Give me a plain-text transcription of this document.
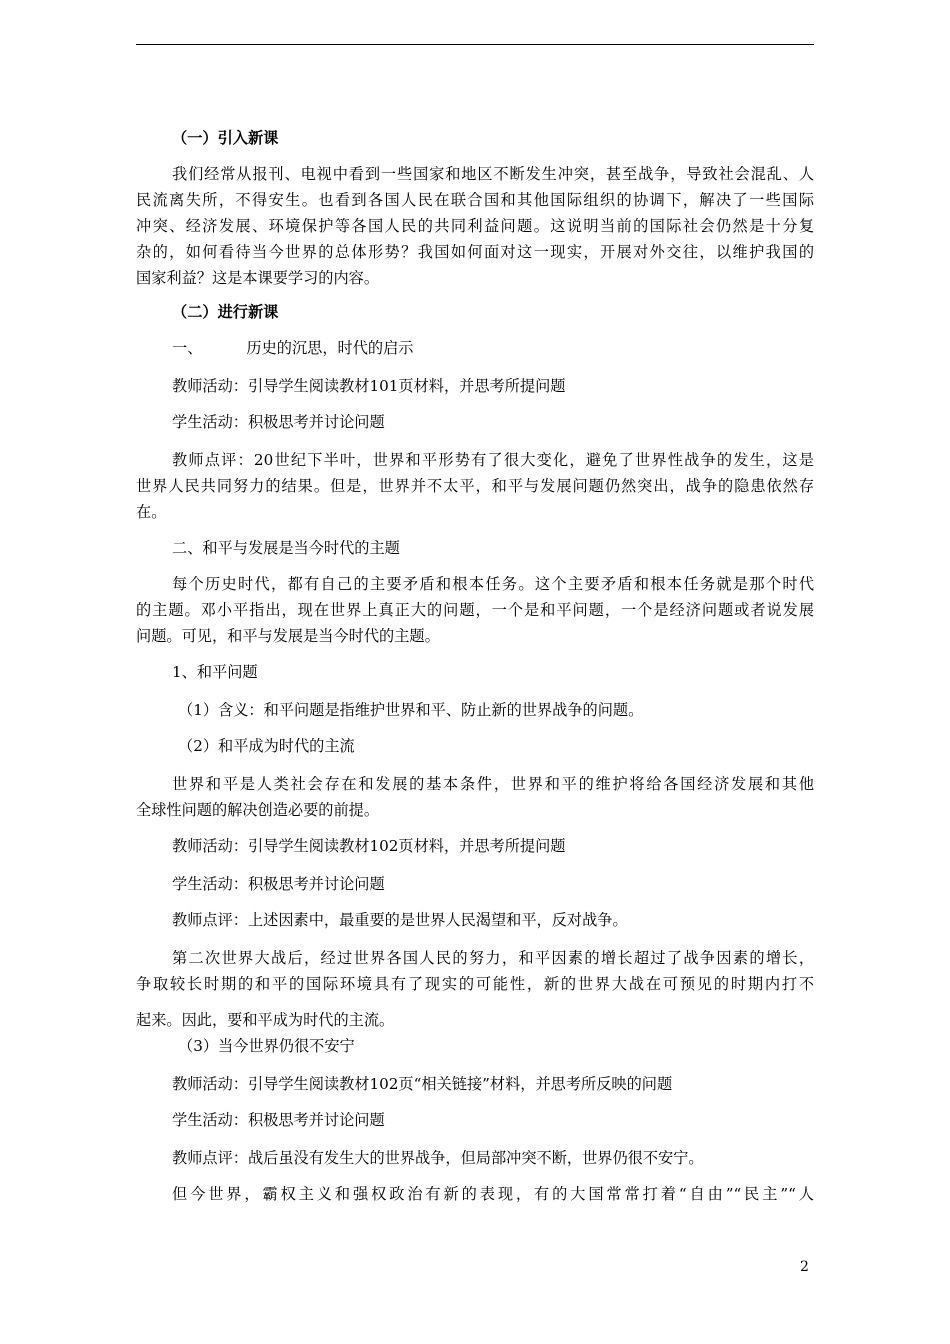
（一）引入新课
我们经常从报刊、电视中看到一些国家和地区不断发生冲突，甚至战争，导致社会混乱、人
民流离失所，不得安生。也看到各国人民在联合国和其他国际组织的协调下，解决了一些国际
冲突、经济发展、环境保护等各国人民的共同利益问题。这说明当前的国际社会仍然是十分复
杂的，如何看待当今世界的总体形势？我国如何面对这一现实，开展对外交往，以维护我国的
国家利益？这是本课要学习的内容。
（二）进行新课
一、	历史的沉思，时代的启示
教师活动：引导学生阅读教材101页材料，并思考所提问题
学生活动：积极思考并讨论问题
教师点评：20世纪下半叶，世界和平形势有了很大变化，避免了世界性战争的发生，这是
世界人民共同努力的结果。但是，世界并不太平，和平与发展问题仍然突出，战争的隐患依然存
在。
二、和平与发展是当今时代的主题
每个历史时代，都有自己的主要矛盾和根本任务。这个主要矛盾和根本任务就是那个时代
的主题。邓小平指出，现在世界上真正大的问题，一个是和平问题，一个是经济问题或者说发展
问题。可见，和平与发展是当今时代的主题。
1、和平问题
（1）含义：和平问题是指维护世界和平、防止新的世界战争的问题。
（2）和平成为时代的主流
世界和平是人类社会存在和发展的基本条件，世界和平的维护将给各国经济发展和其他
全球性问题的解决创造必要的前提。
教师活动：引导学生阅读教材102页材料，并思考所提问题
学生活动：积极思考并讨论问题
教师点评：上述因素中，最重要的是世界人民渴望和平，反对战争。
第二次世界大战后，经过世界各国人民的努力，和平因素的增长超过了战争因素的增长，
争取较长时期的和平的国际环境具有了现实的可能性，新的世界大战在可预见的时期内打不
起来。因此，要和平成为时代的主流。
（3）当今世界仍很不安宁
教师活动：引导学生阅读教材102页“相关链接”材料，并思考所反映的问题
学生活动：积极思考并讨论问题
教师点评：战后虽没有发生大的世界战争，但局部冲突不断，世界仍很不安宁。
但今世界，霸权主义和强权政治有新的表现，有的大国常常打着“自由”“民主”“人
2
